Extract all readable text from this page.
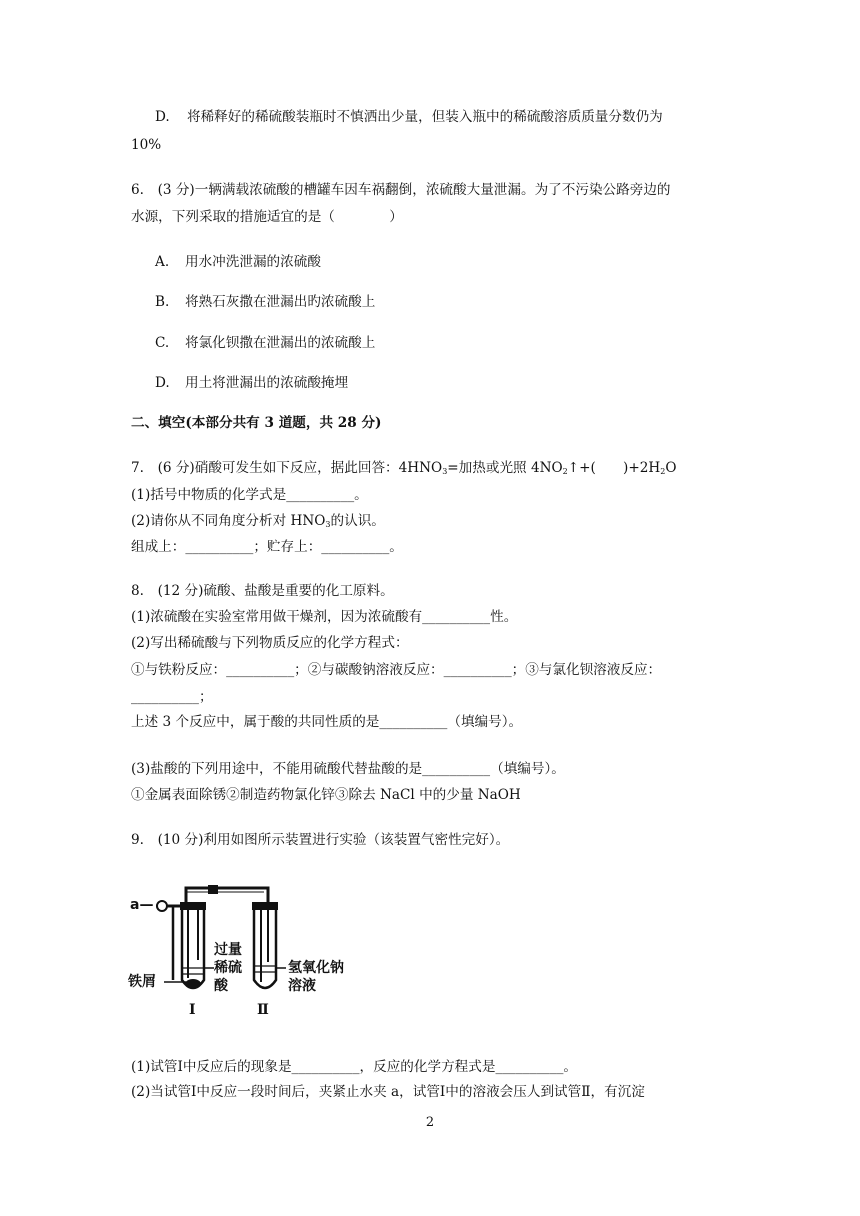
D. 将稀释好的稀硫酸装瓶时不慎洒出少量，但装入瓶中的稀硫酸溶质质量分数仍为
10%
6.　(3 分)一辆满载浓硫酸的槽罐车因车祸翻倒，浓硫酸大量泄漏。为了不污染公路旁边的
水源，下列采取的措施适宜的是（　　　　）
A. 用水冲洗泄漏的浓硫酸
B. 将熟石灰撒在泄漏出旳浓硫酸上
C. 将氯化钡撒在泄漏出的浓硫酸上
D. 用土将泄漏出的浓硫酸掩埋
二、填空(本部分共有 3 道题，共 28 分)
7.　(6 分)硝酸可发生如下反应，据此回答：$4HNO_3=$加热或光照 $4NO_2↑+$(　　)$+2H_2O$
(1)括号中物质的化学式是__________。
(2)请你从不同角度分析对 $HNO_3$的认识。
组成上：__________；贮存上：__________。
8.　(12 分)硫酸、盐酸是重要的化工原料。
(1)浓硫酸在实验室常用做干燥剂，因为浓硫酸有__________性。
(2)写出稀硫酸与下列物质反应的化学方程式：
①与铁粉反应：__________；②与碳酸钠溶液反应：__________；③与氯化钡溶液反应：
__________；
上述 3 个反应中，属于酸的共同性质的是__________（填编号）。
(3)盐酸的下列用途中，不能用硫酸代替盐酸的是__________（填编号）。
①金属表面除锈②制造药物氯化锌③除去 NaCl 中的少量 NaOH
9.　(10 分)利用如图所示装置进行实验（该装置气密性完好）。
a—
铁屑
过量
稀硫
酸
氢氧化钠
溶液
I	Ⅱ
(1)试管Ⅰ中反应后的现象是__________，反应的化学方程式是__________。
(2)当试管Ⅰ中反应一段时间后，夹紧止水夹 a，试管Ⅰ中的溶液会压人到试管Ⅱ，有沉淀
2
